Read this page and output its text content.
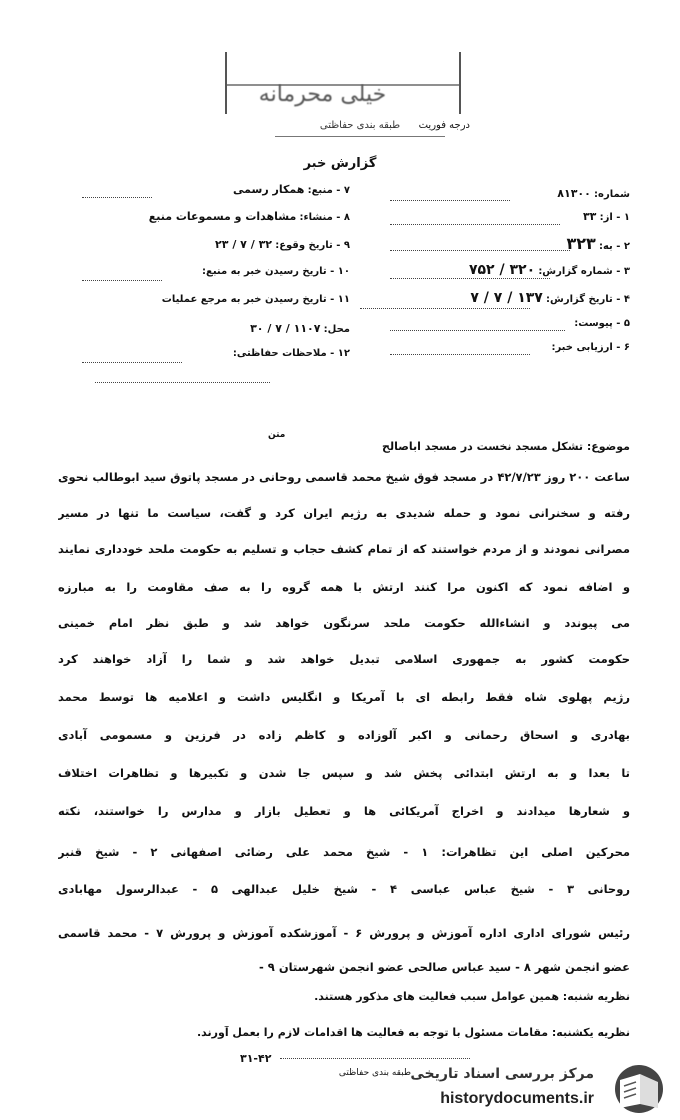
خیلی محرمانه
طبقه بندی حفاظتی	درجه فوریت
گزارش خبر
شماره: ۸۱۳۰۰
۱ - از: ۳۳
۲ - به: ۳۲۳
۳ - شماره گزارش: ۳۲۰ / ۷۵۲
۴ - تاریخ گزارش: ۱۳۷ / ۷ / ۷
۵ - پیوست:
۶ - ارزیابی خبر:
۷ - منبع: همکار رسمی
۸ - منشاء: مشاهدات و مسموعات منبع
۹ - تاریخ وقوع: ۳۲ / ۷ / ۲۳
۱۰ - تاریخ رسیدن خبر به منبع:
۱۱ - تاریخ رسیدن خبر به مرجع عملیات
محل: ۱۱۰۷ / ۷ / ۳۰
۱۲ - ملاحظات حفاظتی:
متن
موضوع: تشکل مسجد نخست در مسجد اباصالح
ساعت ۲۰۰ روز ۴۲/۷/۲۳ در مسجد فوق شیخ محمد قاسمی روحانی در مسجد پاتوق سید ابوطالب نحوی
رفته و سخنرانی نمود و حمله شدیدی به رژیم ایران کرد و گفت، سیاست ما تنها در مسیر
مصرانی نمودند و از مردم خواستند که از تمام کشف حجاب و تسلیم به حکومت ملحد خودداری نمایند
و اضافه نمود که اکنون مرا کنند ارتش با همه گروه را به صف مقاومت را به مبارزه
می پیوندد و انشاءالله حکومت ملحد سرنگون خواهد شد و طبق نظر امام خمینی
حکومت کشور به جمهوری اسلامی تبدیل خواهد شد و شما را آزاد خواهند کرد
رژیم پهلوی شاه فقط رابطه ای با آمریکا و انگلیس داشت و اعلامیه ها توسط محمد
بهادری و اسحاق رحمانی و اکبر آلوزاده و کاظم زاده در فرزین و مسمومی آبادی
تا بعدا و به ارتش ابتدائی پخش شد و سپس جا شدن و تکبیرها و تظاهرات اختلاف
و شعارها میدادند و اخراج آمریکائی ها و تعطیل بازار و مدارس را خواستند، نکته
محرکین اصلی این تظاهرات: ۱ - شیخ محمد علی رضائی اصفهانی ۲ - شیخ قنبر
روحانی ۳ - شیخ عباس عباسی ۴ - شیخ خلیل عبدالهی ۵ - عبدالرسول مهابادی
رئیس شورای اداری اداره آموزش و پرورش ۶ - آموزشکده آموزش و پرورش ۷ - محمد قاسمی
عضو انجمن شهر ۸ - سید عباس صالحی عضو انجمن شهرستان ۹ -
نظریه شنبه: همین عوامل سبب فعالیت های مذکور هستند.
نظریه یکشنبه: مقامات مسئول با توجه به فعالیت ها اقدامات لازم را بعمل آورند.
۳۱-۴۲
طبقه بندی حفاظتی مرکز بررسی اسناد تاریخی
historydocuments.ir
